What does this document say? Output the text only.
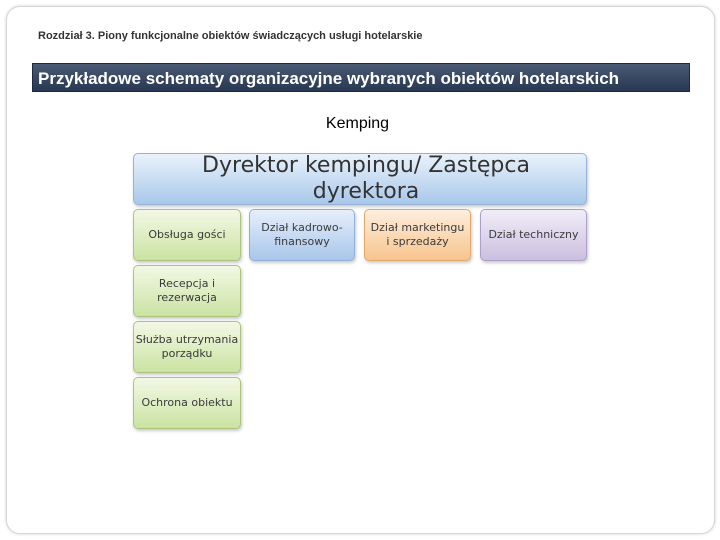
Rozdział 3. Piony funkcjonalne obiektów świadczących usługi hotelarskie
Przykładowe schematy organizacyjne wybranych obiektów hotelarskich
Kemping
Dyrektor kempingu/ Zastępca dyrektora
Obsługa gości
Recepcja i
rezerwacja
Służba utrzymania
porządku
Ochrona obiektu
Dział kadrowo-
finansowy
Dział marketingu
i sprzedaży
Dział techniczny
